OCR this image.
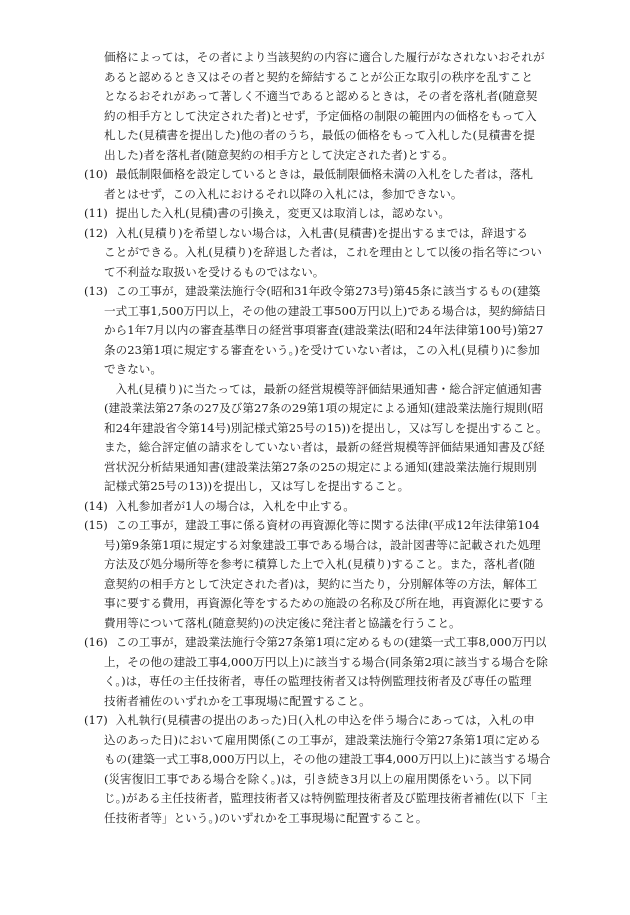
価格によっては，その者により当該契約の内容に適合した履行がなされないおそれが
あると認めるとき又はその者と契約を締結することが公正な取引の秩序を乱すこと
となるおそれがあって著しく不適当であると認めるときは，その者を落札者(随意契
約の相手方として決定された者)とせず，予定価格の制限の範囲内の価格をもって入
札した(見積書を提出した)他の者のうち，最低の価格をもって入札した(見積書を提
出した)者を落札者(随意契約の相手方として決定された者)とする。
(10)
　最低制限価格を設定しているときは，最低制限価格未満の入札をした者は，落札
者とはせず，この入札におけるそれ以降の入札には，参加できない。
(11)
　提出した入札(見積)書の引換え，変更又は取消しは，認めない。
(12)
　入札(見積り)を希望しない場合は，入札書(見積書)を提出するまでは，辞退する
ことができる。入札(見積り)を辞退した者は，これを理由として以後の指名等につい
て不利益な取扱いを受けるものではない。
(13)
　この工事が，建設業法施行令(昭和31年政令第273号)第45条に該当するもの(建築
一式工事1,500万円以上，その他の建設工事500万円以上)である場合は，契約締結日
から1年7月以内の審査基準日の経営事項審査(建設業法(昭和24年法律第100号)第27
条の23第1項に規定する審査をいう。)を受けていない者は，この入札(見積り)に参加
できない。
　入札(見積り)に当たっては，最新の経営規模等評価結果通知書・総合評定値通知書
(建設業法第27条の27及び第27条の29第1項の規定による通知(建設業法施行規則(昭
和24年建設省令第14号)別記様式第25号の15))を提出し，又は写しを提出すること。
また，総合評定値の請求をしていない者は，最新の経営規模等評価結果通知書及び経
営状況分析結果通知書(建設業法第27条の25の規定による通知(建設業法施行規則別
記様式第25号の13))を提出し，又は写しを提出すること。
(14)
　入札参加者が1人の場合は，入札を中止する。
(15)
　この工事が，建設工事に係る資材の再資源化等に関する法律(平成12年法律第104
号)第9条第1項に規定する対象建設工事である場合は，設計図書等に記載された処理
方法及び処分場所等を参考に積算した上で入札(見積り)すること。また，落札者(随
意契約の相手方として決定された者)は，契約に当たり，分別解体等の方法，解体工
事に要する費用，再資源化等をするための施設の名称及び所在地，再資源化に要する
費用等について落札(随意契約)の決定後に発注者と協議を行うこと。
(16)
　この工事が，建設業法施行令第27条第1項に定めるもの(建築一式工事8,000万円以
上，その他の建設工事4,000万円以上)に該当する場合(同条第2項に該当する場合を除
く。)は，専任の主任技術者，専任の監理技術者又は特例監理技術者及び専任の監理
技術者補佐のいずれかを工事現場に配置すること。
(17)
　入札執行(見積書の提出のあった)日(入札の申込を伴う場合にあっては，入札の申
込のあった日)において雇用関係(この工事が，建設業法施行令第27条第1項に定める
もの(建築一式工事8,000万円以上，その他の建設工事4,000万円以上)に該当する場合
(災害復旧工事である場合を除く。)は，引き続き3月以上の雇用関係をいう。以下同
じ。)がある主任技術者，監理技術者又は特例監理技術者及び監理技術者補佐(以下「主
任技術者等」という。)のいずれかを工事現場に配置すること。
